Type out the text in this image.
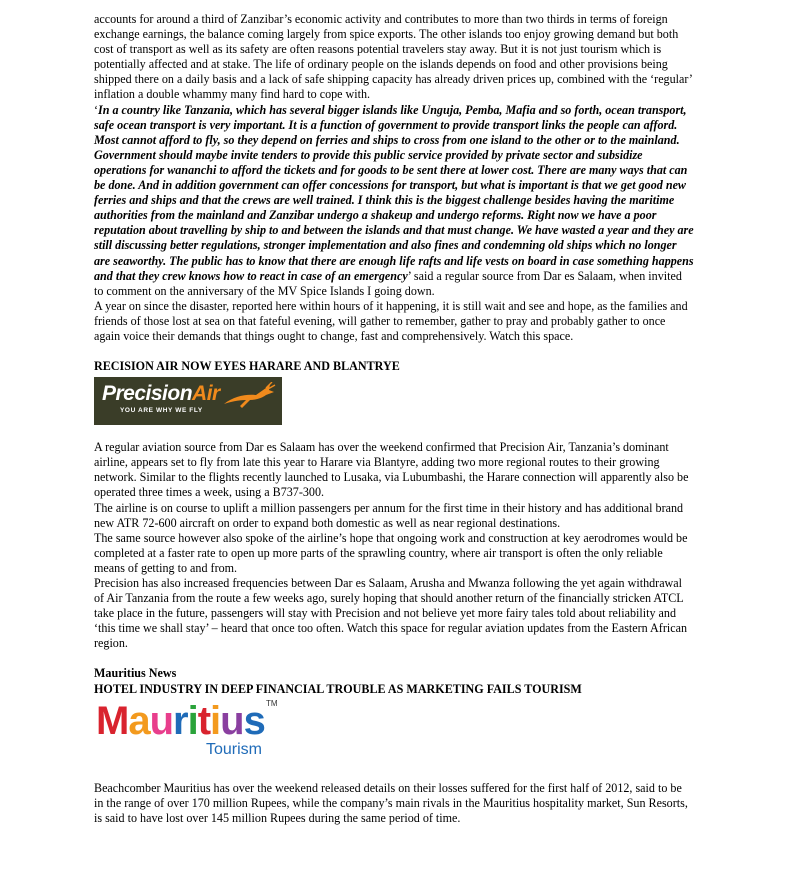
accounts for around a third of Zanzibar’s economic activity and contributes to more than two thirds in terms of foreign exchange earnings, the balance coming largely from spice exports. The other islands too enjoy growing demand but both cost of transport as well as its safety are often reasons potential travelers stay away. But it is not just tourism which is potentially affected and at stake. The life of ordinary people on the islands depends on food and other provisions being shipped there on a daily basis and a lack of safe shipping capacity has already driven prices up, combined with the ‘regular’ inflation a double whammy many find hard to cope with.

‘In a country like Tanzania, which has several bigger islands like Unguja, Pemba, Mafia and so forth, ocean transport, safe ocean transport is very important. It is a function of government to provide transport links the people can afford. Most cannot afford to fly, so they depend on ferries and ships to cross from one island to the other or to the mainland. Government should maybe invite tenders to provide this public service provided by private sector and subsidize operations for wananchi to afford the tickets and for goods to be sent there at lower cost. There are many ways that can be done. And in addition government can offer concessions for transport, but what is important is that we get good new ferries and ships and that the crews are well trained. I think this is the biggest challenge besides having the maritime authorities from the mainland and Zanzibar undergo a shakeup and undergo reforms. Right now we have a poor reputation about travelling by ship to and between the islands and that must change. We have wasted a year and they are still discussing better regulations, stronger implementation and also fines and condemning old ships which no longer are seaworthy. The public has to know that there are enough life rafts and life vests on board in case something happens and that they crew knows how to react in case of an emergency’ said a regular source from Dar es Salaam, when invited to comment on the anniversary of the MV Spice Islands I going down.

A year on since the disaster, reported here within hours of it happening, it is still wait and see and hope, as the families and friends of those lost at sea on that fateful evening, will gather to remember, gather to pray and probably gather to once again voice their demands that things ought to change, fast and comprehensively. Watch this space.

RECISION AIR NOW EYES HARARE AND BLANTRYE

PrecisionAir
YOU ARE WHY WE FLY

A regular aviation source from Dar es Salaam has over the weekend confirmed that Precision Air, Tanzania’s dominant airline, appears set to fly from late this year to Harare via Blantyre, adding two more regional routes to their growing network. Similar to the flights recently launched to Lusaka, via Lubumbashi, the Harare connection will apparently also be operated three times a week, using a B737-300.

The airline is on course to uplift a million passengers per annum for the first time in their history and has additional brand new ATR 72-600 aircraft on order to expand both domestic as well as near regional destinations.

The same source however also spoke of the airline’s hope that ongoing work and construction at key aerodromes would be completed at a faster rate to open up more parts of the sprawling country, where air transport is often the only reliable means of getting to and from.

Precision has also increased frequencies between Dar es Salaam, Arusha and Mwanza following the yet again withdrawal of Air Tanzania from the route a few weeks ago, surely hoping that should another return of the financially stricken ATCL take place in the future, passengers will stay with Precision and not believe yet more fairy tales told about reliability and ‘this time we shall stay’ – heard that once too often. Watch this space for regular aviation updates from the Eastern African region.

Mauritius News

HOTEL INDUSTRY IN DEEP FINANCIAL TROUBLE AS MARKETING FAILS TOURISM

Mauritius TM
Tourism

Beachcomber Mauritius has over the weekend released details on their losses suffered for the first half of 2012, said to be in the range of over 170 million Rupees, while the company’s main rivals in the Mauritius hospitality market, Sun Resorts, is said to have lost over 145 million Rupees during the same period of time.
